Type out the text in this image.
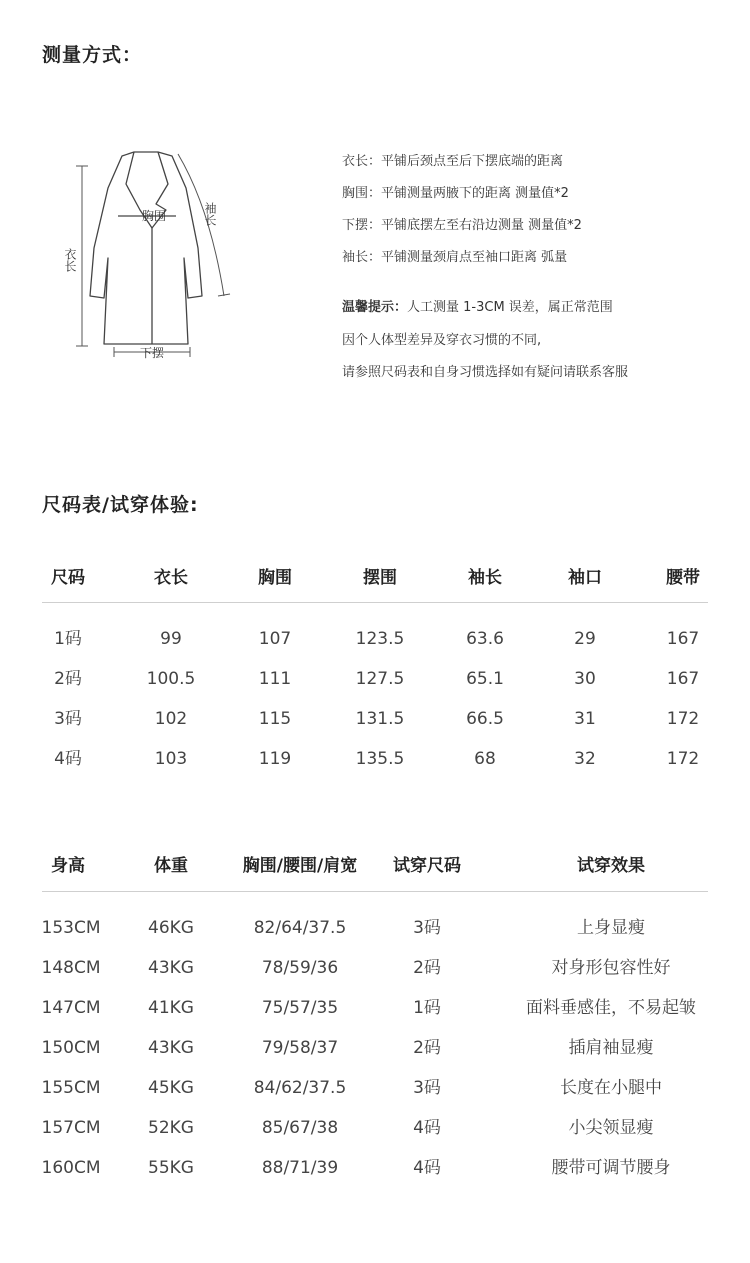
测量方式：
胸围
衣长
袖长
下摆
衣长：平铺后颈点至后下摆底端的距离
胸围：平铺测量两腋下的距离 测量值*2
下摆：平铺底摆左至右沿边测量 测量值*2
袖长：平铺测量颈肩点至袖口距离 弧量
温馨提示：人工测量 1-3CM 误差，属正常范围
因个人体型差异及穿衣习惯的不同,
请参照尺码表和自身习惯选择如有疑问请联系客服
尺码表/试穿体验:
尺码	衣长	胸围	摆围	袖长	袖口	腰带
1码	99	107	123.5	63.6	29	167
2码	100.5	111	127.5	65.1	30	167
3码	102	115	131.5	66.5	31	172
4码	103	119	135.5	68	32	172
身高	体重	胸围/腰围/肩宽	试穿尺码	试穿效果
153CM	46KG	82/64/37.5	3码	上身显瘦
148CM	43KG	78/59/36	2码	对身形包容性好
147CM	41KG	75/57/35	1码	面料垂感佳，不易起皱
150CM	43KG	79/58/37	2码	插肩袖显瘦
155CM	45KG	84/62/37.5	3码	长度在小腿中
157CM	52KG	85/67/38	4码	小尖领显瘦
160CM	55KG	88/71/39	4码	腰带可调节腰身
